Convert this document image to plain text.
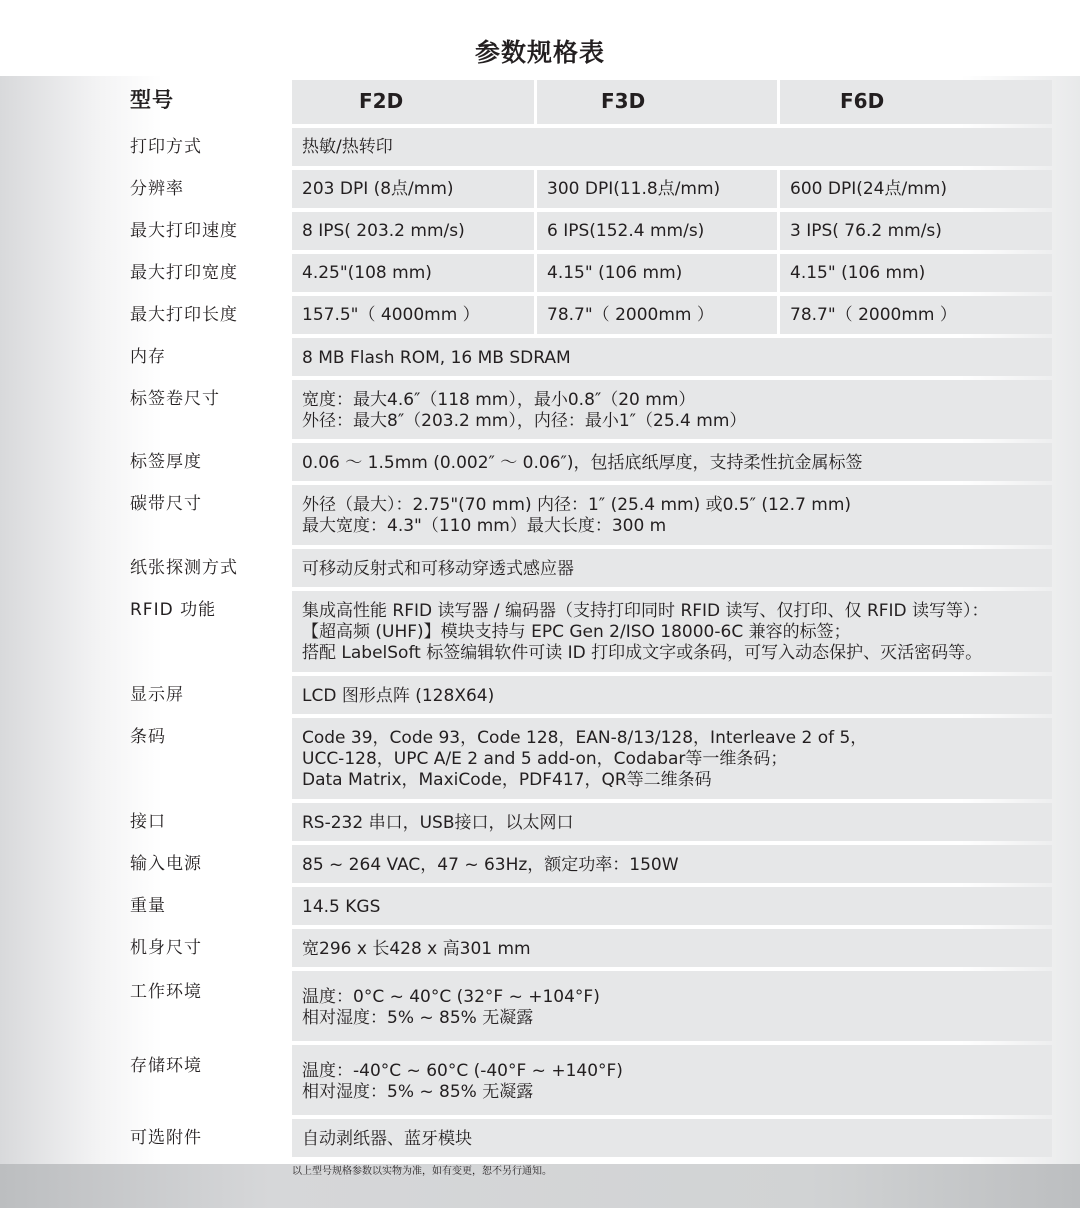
参数规格表
型号	F2D	F3D	F6D
打印方式	热敏/热转印
分辨率	203 DPI (8点/mm)	300 DPI(11.8点/mm)	600 DPI(24点/mm)
最大打印速度	8 IPS( 203.2 mm/s)	6 IPS(152.4 mm/s)	3 IPS( 76.2 mm/s)
最大打印宽度	4.25"(108 mm)	4.15" (106 mm)	4.15" (106 mm)
最大打印长度	157.5"（ 4000mm ）	78.7"（ 2000mm ）	78.7"（ 2000mm ）
内存	8 MB Flash ROM, 16 MB SDRAM
标签卷尺寸	宽度：最大4.6″（118 mm），最小0.8″（20 mm）
外径：最大8″（203.2 mm），内径：最小1″（25.4 mm）
标签厚度	0.06 ～ 1.5mm (0.002″ ～ 0.06″)，包括底纸厚度，支持柔性抗金属标签
碳带尺寸	外径（最大）：2.75"(70 mm) 内径：1″ (25.4 mm) 或0.5″ (12.7 mm)
最大宽度：4.3"（110 mm）最大长度：300 m
纸张探测方式	可移动反射式和可移动穿透式感应器
RFID 功能	集成高性能 RFID 读写器 / 编码器（支持打印同时 RFID 读写、仅打印、仅 RFID 读写等）：
【超高频 (UHF)】模块支持与 EPC Gen 2/ISO 18000-6C 兼容的标签；
搭配 LabelSoft 标签编辑软件可读 ID 打印成文字或条码，可写入动态保护、灭活密码等。
显示屏	LCD 图形点阵 (128X64)
条码	Code 39，Code 93，Code 128，EAN-8/13/128，Interleave 2 of 5，
UCC-128，UPC A/E 2 and 5 add-on，Codabar等一维条码；
Data Matrix，MaxiCode，PDF417，QR等二维条码
接口	RS-232 串口，USB接口，以太网口
输入电源	85 ~ 264 VAC，47 ~ 63Hz，额定功率：150W
重量	14.5 KGS
机身尺寸	宽296 x 长428 x 高301 mm
工作环境	温度：0°C ~ 40°C (32°F ~ +104°F)
相对湿度：5% ~ 85% 无凝露
存储环境	温度：-40°C ~ 60°C (-40°F ~ +140°F)
相对湿度：5% ~ 85% 无凝露
可选附件	自动剥纸器、蓝牙模块
以上型号规格参数以实物为准，如有变更，恕不另行通知。
